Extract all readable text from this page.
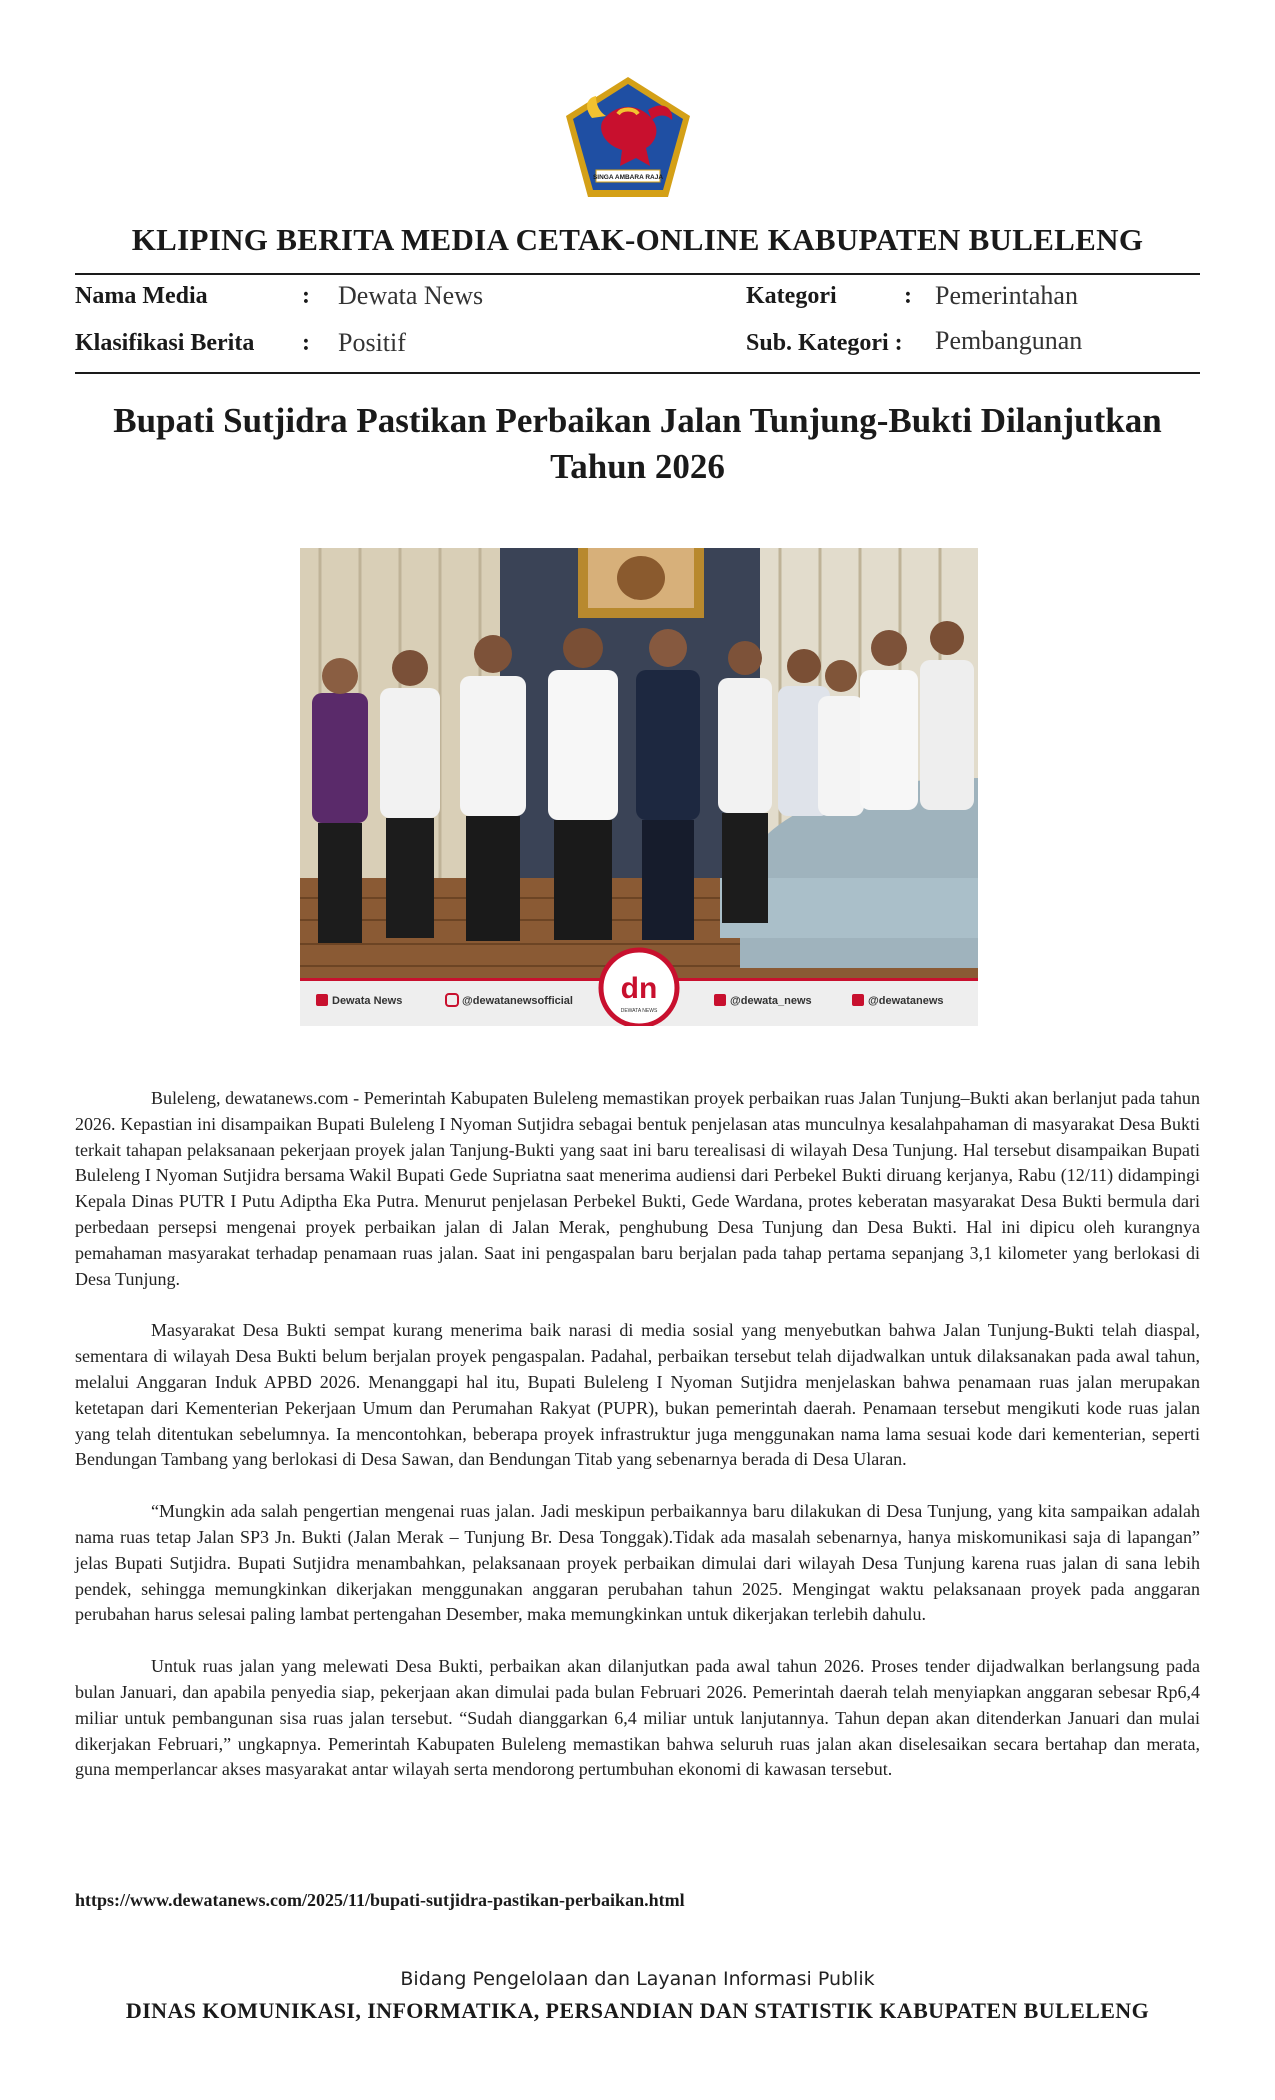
SINGA AMBARA RAJA
KLIPING BERITA MEDIA CETAK-ONLINE KABUPATEN BULELENG
Nama Media	: Dewata News	Kategori	: Pemerintahan
Klasifikasi Berita : Positif	Sub. Kategori : Pembangunan
Bupati Sutjidra Pastikan Perbaikan Jalan Tunjung-Bukti Dilanjutkan
Tahun 2026
dn
DEWATA NEWS
Dewata News	@dewatanewsofficial	@dewata_news	@dewatanews

Buleleng, dewatanews.com - Pemerintah Kabupaten Buleleng memastikan proyek perbaikan ruas Jalan Tunjung–Bukti akan berlanjut pada tahun 2026. Kepastian ini disampaikan Bupati Buleleng I Nyoman Sutjidra sebagai bentuk penjelasan atas munculnya kesalahpahaman di masyarakat Desa Bukti terkait tahapan pelaksanaan pekerjaan proyek jalan Tanjung-Bukti yang saat ini baru terealisasi di wilayah Desa Tunjung. Hal tersebut disampaikan Bupati Buleleng I Nyoman Sutjidra bersama Wakil Bupati Gede Supriatna saat menerima audiensi dari Perbekel Bukti diruang kerjanya, Rabu (12/11) didampingi Kepala Dinas PUTR I Putu Adiptha Eka Putra. Menurut penjelasan Perbekel Bukti, Gede Wardana, protes keberatan masyarakat Desa Bukti bermula dari perbedaan persepsi mengenai proyek perbaikan jalan di Jalan Merak, penghubung Desa Tunjung dan Desa Bukti. Hal ini dipicu oleh kurangnya pemahaman masyarakat terhadap penamaan ruas jalan. Saat ini pengaspalan baru berjalan pada tahap pertama sepanjang 3,1 kilometer yang berlokasi di Desa Tunjung.

Masyarakat Desa Bukti sempat kurang menerima baik narasi di media sosial yang menyebutkan bahwa Jalan Tunjung-Bukti telah diaspal, sementara di wilayah Desa Bukti belum berjalan proyek pengaspalan. Padahal, perbaikan tersebut telah dijadwalkan untuk dilaksanakan pada awal tahun, melalui Anggaran Induk APBD 2026. Menanggapi hal itu, Bupati Buleleng I Nyoman Sutjidra menjelaskan bahwa penamaan ruas jalan merupakan ketetapan dari Kementerian Pekerjaan Umum dan Perumahan Rakyat (PUPR), bukan pemerintah daerah. Penamaan tersebut mengikuti kode ruas jalan yang telah ditentukan sebelumnya. Ia mencontohkan, beberapa proyek infrastruktur juga menggunakan nama lama sesuai kode dari kementerian, seperti Bendungan Tambang yang berlokasi di Desa Sawan, dan Bendungan Titab yang sebenarnya berada di Desa Ularan.

“Mungkin ada salah pengertian mengenai ruas jalan. Jadi meskipun perbaikannya baru dilakukan di Desa Tunjung, yang kita sampaikan adalah nama ruas tetap Jalan SP3 Jn. Bukti (Jalan Merak – Tunjung Br. Desa Tonggak).Tidak ada masalah sebenarnya, hanya miskomunikasi saja di lapangan” jelas Bupati Sutjidra. Bupati Sutjidra menambahkan, pelaksanaan proyek perbaikan dimulai dari wilayah Desa Tunjung karena ruas jalan di sana lebih pendek, sehingga memungkinkan dikerjakan menggunakan anggaran perubahan tahun 2025. Mengingat waktu pelaksanaan proyek pada anggaran perubahan harus selesai paling lambat pertengahan Desember, maka memungkinkan untuk dikerjakan terlebih dahulu.

Untuk ruas jalan yang melewati Desa Bukti, perbaikan akan dilanjutkan pada awal tahun 2026. Proses tender dijadwalkan berlangsung pada bulan Januari, dan apabila penyedia siap, pekerjaan akan dimulai pada bulan Februari 2026. Pemerintah daerah telah menyiapkan anggaran sebesar Rp6,4 miliar untuk pembangunan sisa ruas jalan tersebut. “Sudah dianggarkan 6,4 miliar untuk lanjutannya. Tahun depan akan ditenderkan Januari dan mulai dikerjakan Februari,” ungkapnya. Pemerintah Kabupaten Buleleng memastikan bahwa seluruh ruas jalan akan diselesaikan secara bertahap dan merata, guna memperlancar akses masyarakat antar wilayah serta mendorong pertumbuhan ekonomi di kawasan tersebut.

https://www.dewatanews.com/2025/11/bupati-sutjidra-pastikan-perbaikan.html
Bidang Pengelolaan dan Layanan Informasi Publik
DINAS KOMUNIKASI, INFORMATIKA, PERSANDIAN DAN STATISTIK KABUPATEN BULELENG
